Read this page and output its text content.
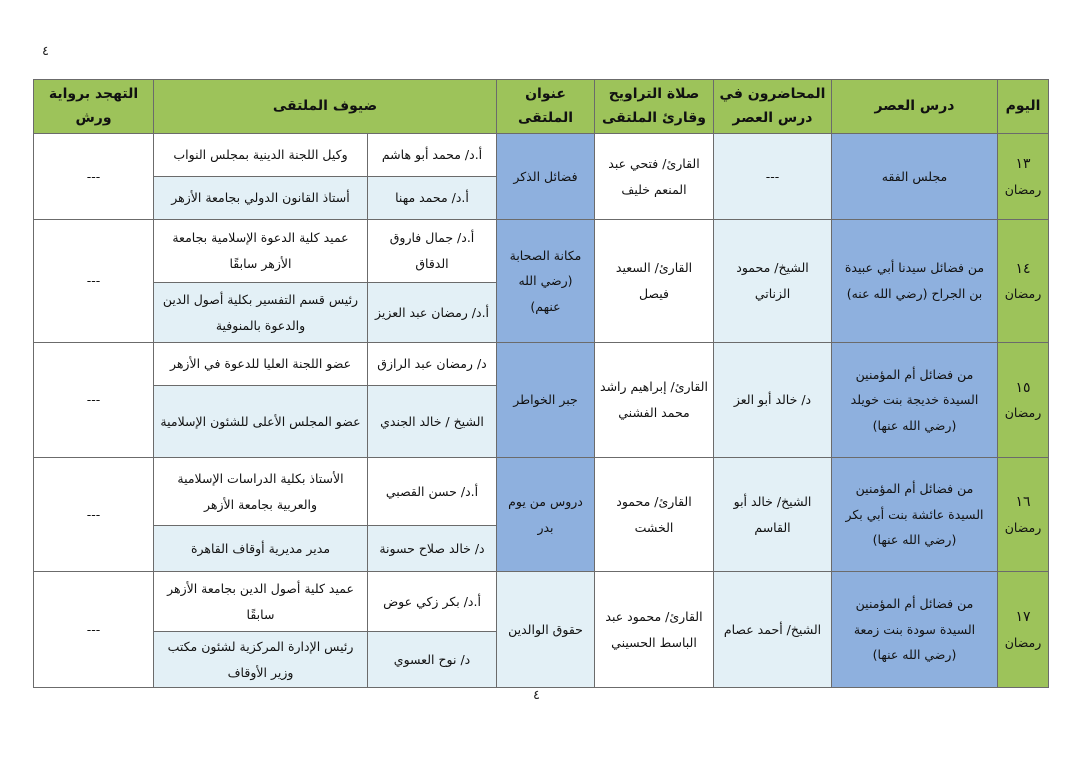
٤
اليوم	درس العصر	المحاضرون في درس العصر	صلاة التراويح وقارئ الملتقى	عنوان الملتقى	ضيوف الملتقى		التهجد برواية ورش

١٣
رمضان	مجلس الفقه	---	القارئ/ فتحي عبد المنعم خليف	فضائل الذكر	أ.د/ محمد أبو هاشم	وكيل اللجنة الدينية بمجلس النواب	---
					أ.د/ محمد مهنا	أستاذ القانون الدولي بجامعة الأزهر	

١٤
رمضان	من فضائل سيدنا أبي عبيدة بن الجراح (رضي الله عنه)	الشيخ/ محمود الزناتي	القارئ/ السعيد فيصل	مكانة الصحابة (رضي الله عنهم)	أ.د/ جمال فاروق الدقاق	عميد كلية الدعوة الإسلامية بجامعة الأزهر سابقًا	---
					أ.د/ رمضان عبد العزيز	رئيس قسم التفسير بكلية أصول الدين والدعوة بالمنوفية	

١٥
رمضان	من فضائل أم المؤمنين السيدة خديجة بنت خويلد (رضي الله عنها)	د/ خالد أبو العز	القارئ/ إبراهيم راشد محمد الفشني	جبر الخواطر	د/ رمضان عبد الرازق	عضو اللجنة العليا للدعوة في الأزهر	---
					الشيخ / خالد الجندي	عضو المجلس الأعلى للشئون الإسلامية	

١٦
رمضان	من فضائل أم المؤمنين السيدة عائشة بنت أبي بكر (رضي الله عنها)	الشيخ/ خالد أبو القاسم	القارئ/ محمود الخشت	دروس من يوم بدر	أ.د/ حسن القصبي	الأستاذ بكلية الدراسات الإسلامية والعربية بجامعة الأزهر	---
					د/ خالد صلاح حسونة	مدير مديرية أوقاف القاهرة	

١٧
رمضان	من فضائل أم المؤمنين السيدة سودة بنت زمعة (رضي الله عنها)	الشيخ/ أحمد عصام	القارئ/ محمود عبد الباسط الحسيني	حقوق الوالدين	أ.د/ بكر زكي عوض	عميد كلية أصول الدين بجامعة الأزهر سابقًا	---
					د/ نوح العسوي	رئيس الإدارة المركزية لشئون مكتب وزير الأوقاف	
٤
